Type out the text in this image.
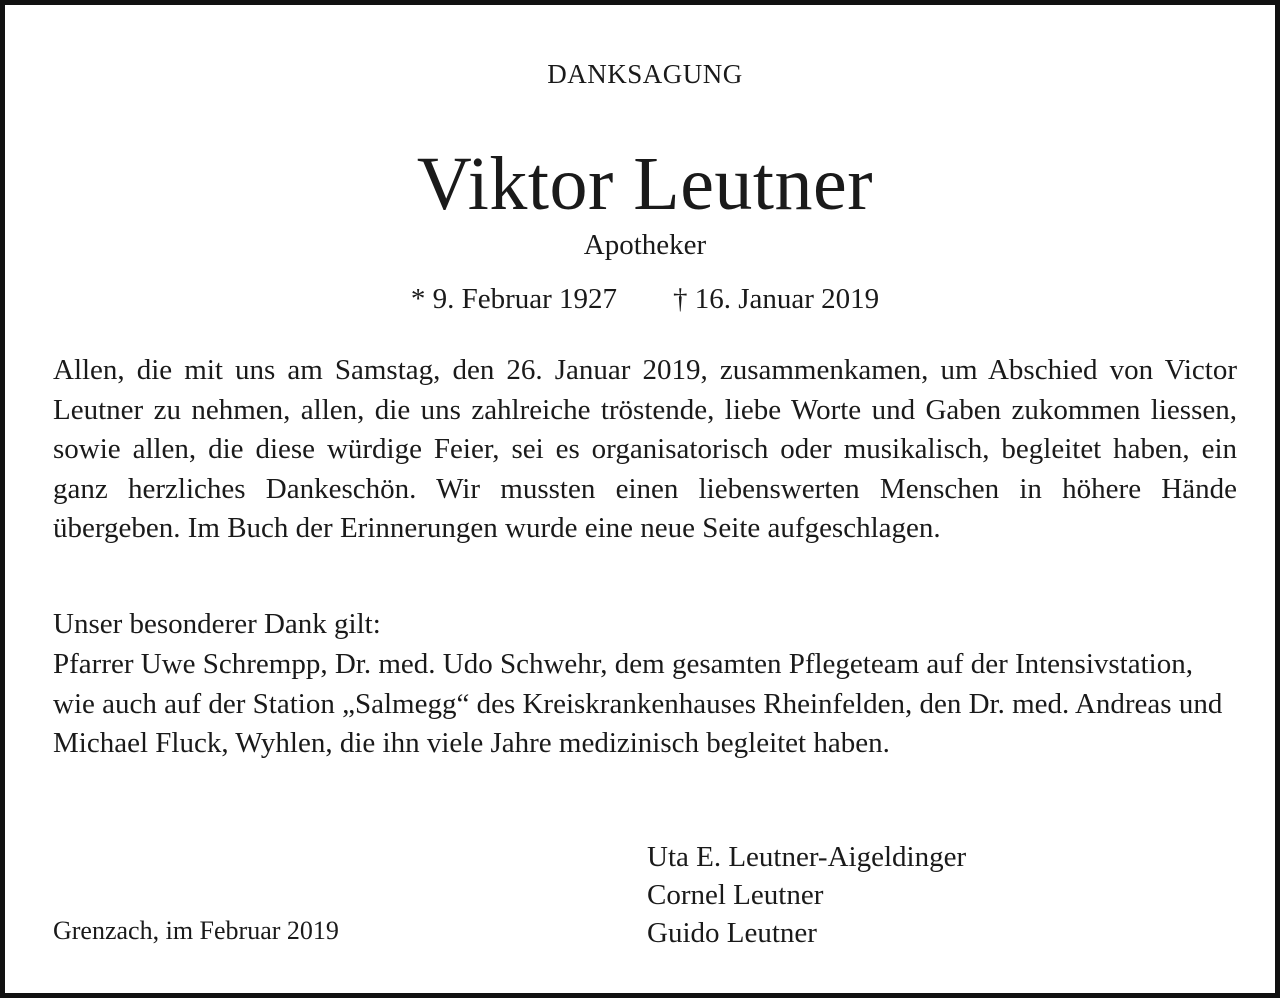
DANKSAGUNG
Viktor Leutner
Apotheker
* 9. Februar 1927 † 16. Januar 2019

Allen, die mit uns am Samstag, den 26. Januar 2019, zusammenkamen, um Abschied von Victor Leutner zu nehmen, allen, die uns zahlreiche tröstende, liebe Worte und Gaben zukommen liessen, sowie allen, die diese würdige Feier, sei es organisatorisch oder musikalisch, begleitet haben, ein ganz herzliches Dankeschön. Wir mussten einen liebenswerten Menschen in höhere Hände übergeben. Im Buch der Erinnerungen wurde eine neue Seite aufgeschlagen.

Unser besonderer Dank gilt:

Pfarrer Uwe Schrempp, Dr. med. Udo Schwehr, dem gesamten Pflegeteam auf der Intensivstation, wie auch auf der Station „Salmegg“ des Kreiskrankenhauses Rheinfelden, den Dr. med. Andreas und Michael Fluck, Wyhlen, die ihn viele Jahre medizinisch begleitet haben.

Uta E. Leutner-Aigeldinger
Cornel Leutner
Guido Leutner
Grenzach, im Februar 2019
